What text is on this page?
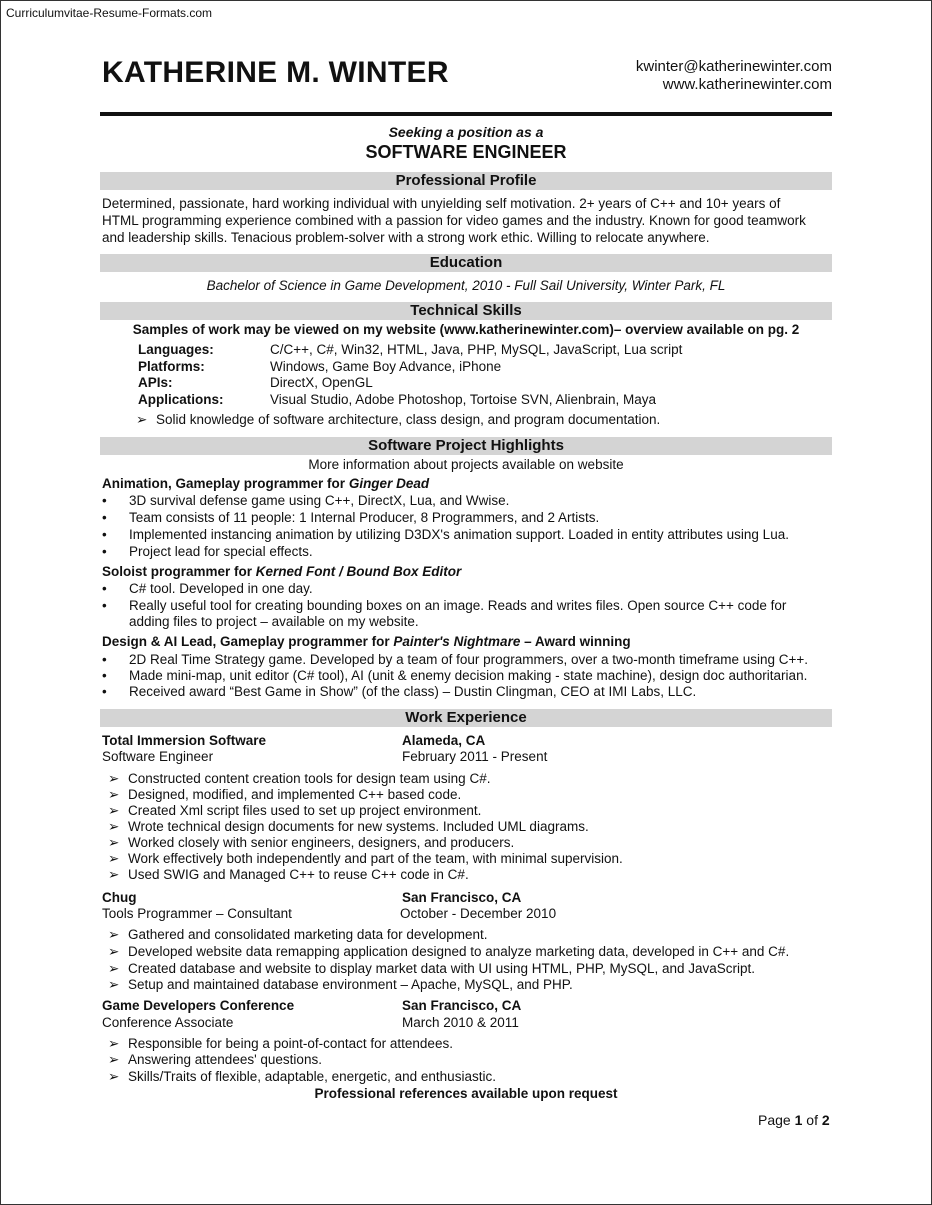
Curriculumvitae-Resume-Formats.com
KATHERINE M. WINTER	kwinter@katherinewinter.com
www.katherinewinter.com
Seeking a position as a
SOFTWARE ENGINEER
Professional Profile
Determined, passionate, hard working individual with unyielding self motivation. 2+ years of C++ and 10+ years of
HTML programming experience combined with a passion for video games and the industry. Known for good teamwork
and leadership skills. Tenacious problem-solver with a strong work ethic. Willing to relocate anywhere.
Education
Bachelor of Science in Game Development, 2010 - Full Sail University, Winter Park, FL
Technical Skills
Samples of work may be viewed on my website (www.katherinewinter.com)– overview available on pg. 2
Languages:	C/C++, C#, Win32, HTML, Java, PHP, MySQL, JavaScript, Lua script
Platforms:	Windows, Game Boy Advance, iPhone
APIs:	DirectX, OpenGL
Applications:	Visual Studio, Adobe Photoshop, Tortoise SVN, Alienbrain, Maya
➢ Solid knowledge of software architecture, class design, and program documentation.
Software Project Highlights
More information about projects available on website
Animation, Gameplay programmer for Ginger Dead
•	3D survival defense game using C++, DirectX, Lua, and Wwise.
•	Team consists of 11 people: 1 Internal Producer, 8 Programmers, and 2 Artists.
•	Implemented instancing animation by utilizing D3DX's animation support. Loaded in entity attributes using Lua.
•	Project lead for special effects.
Soloist programmer for Kerned Font / Bound Box Editor
•	C# tool. Developed in one day.
•	Really useful tool for creating bounding boxes on an image. Reads and writes files. Open source C++ code for
adding files to project – available on my website.
Design & AI Lead, Gameplay programmer for Painter's Nightmare – Award winning
•	2D Real Time Strategy game. Developed by a team of four programmers, over a two-month timeframe using C++.
•	Made mini-map, unit editor (C# tool), AI (unit & enemy decision making - state machine), design doc authoritarian.
•	Received award “Best Game in Show” (of the class) – Dustin Clingman, CEO at IMI Labs, LLC.
Work Experience
Total Immersion Software	Alameda, CA
Software Engineer	February 2011 - Present
➢ Constructed content creation tools for design team using C#.
➢ Designed, modified, and implemented C++ based code.
➢ Created Xml script files used to set up project environment.
➢ Wrote technical design documents for new systems. Included UML diagrams.
➢ Worked closely with senior engineers, designers, and producers.
➢ Work effectively both independently and part of the team, with minimal supervision.
➢ Used SWIG and Managed C++ to reuse C++ code in C#.
Chug	San Francisco, CA
Tools Programmer – Consultant	October - December 2010
➢ Gathered and consolidated marketing data for development.
➢ Developed website data remapping application designed to analyze marketing data, developed in C++ and C#.
➢ Created database and website to display market data with UI using HTML, PHP, MySQL, and JavaScript.
➢ Setup and maintained database environment – Apache, MySQL, and PHP.
Game Developers Conference	San Francisco, CA
Conference Associate	March 2010 & 2011
➢ Responsible for being a point-of-contact for attendees.
➢ Answering attendees' questions.
➢ Skills/Traits of flexible, adaptable, energetic, and enthusiastic.
Professional references available upon request
Page 1 of 2
